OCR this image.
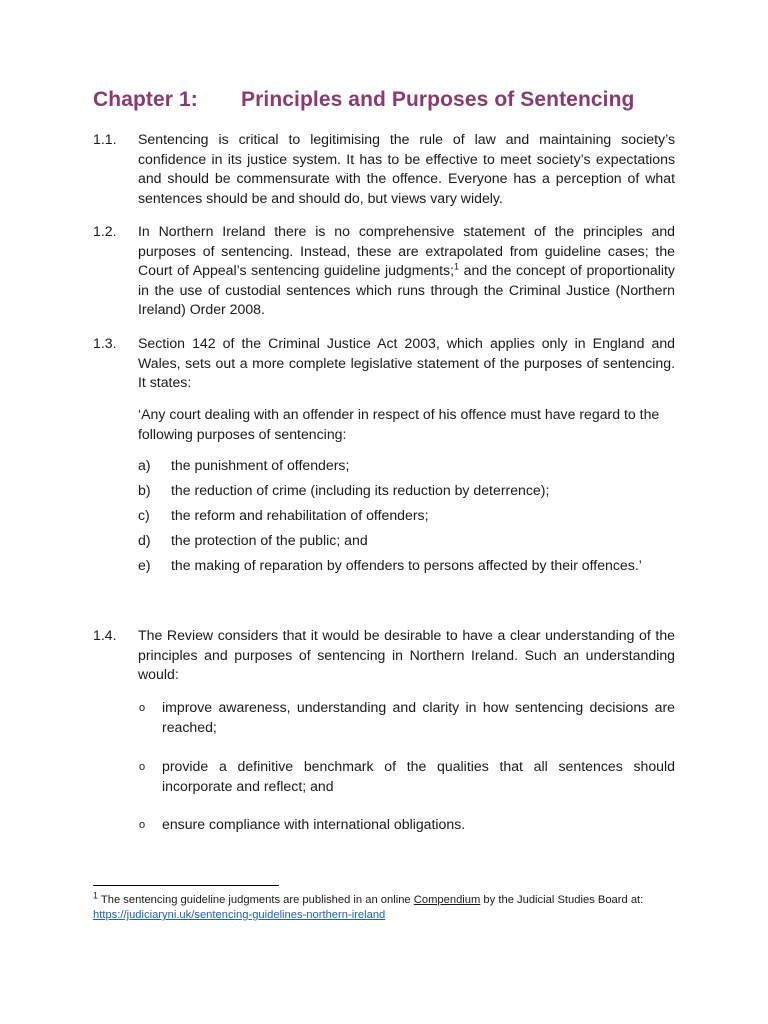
Chapter 1: Principles and Purposes of Sentencing
1.1. Sentencing is critical to legitimising the rule of law and maintaining society’s confidence in its justice system. It has to be effective to meet society’s expectations and should be commensurate with the offence. Everyone has a perception of what sentences should be and should do, but views vary widely.
1.2. In Northern Ireland there is no comprehensive statement of the principles and purposes of sentencing. Instead, these are extrapolated from guideline cases; the Court of Appeal’s sentencing guideline judgments;$^1$ and the concept of proportionality in the use of custodial sentences which runs through the Criminal Justice (Northern Ireland) Order 2008.
1.3. Section 142 of the Criminal Justice Act 2003, which applies only in England and Wales, sets out a more complete legislative statement of the purposes of sentencing. It states:
‘Any court dealing with an offender in respect of his offence must have regard to the following purposes of sentencing:
a) the punishment of offenders;
b) the reduction of crime (including its reduction by deterrence);
c) the reform and rehabilitation of offenders;
d) the protection of the public; and
e) the making of reparation by offenders to persons affected by their offences.’
1.4. The Review considers that it would be desirable to have a clear understanding of the principles and purposes of sentencing in Northern Ireland. Such an understanding would:
o improve awareness, understanding and clarity in how sentencing decisions are reached;
o provide a definitive benchmark of the qualities that all sentences should incorporate and reflect; and
o ensure compliance with international obligations.
$^1$ The sentencing guideline judgments are published in an online Compendium by the Judicial Studies Board at: https://judiciaryni.uk/sentencing-guidelines-northern-ireland
